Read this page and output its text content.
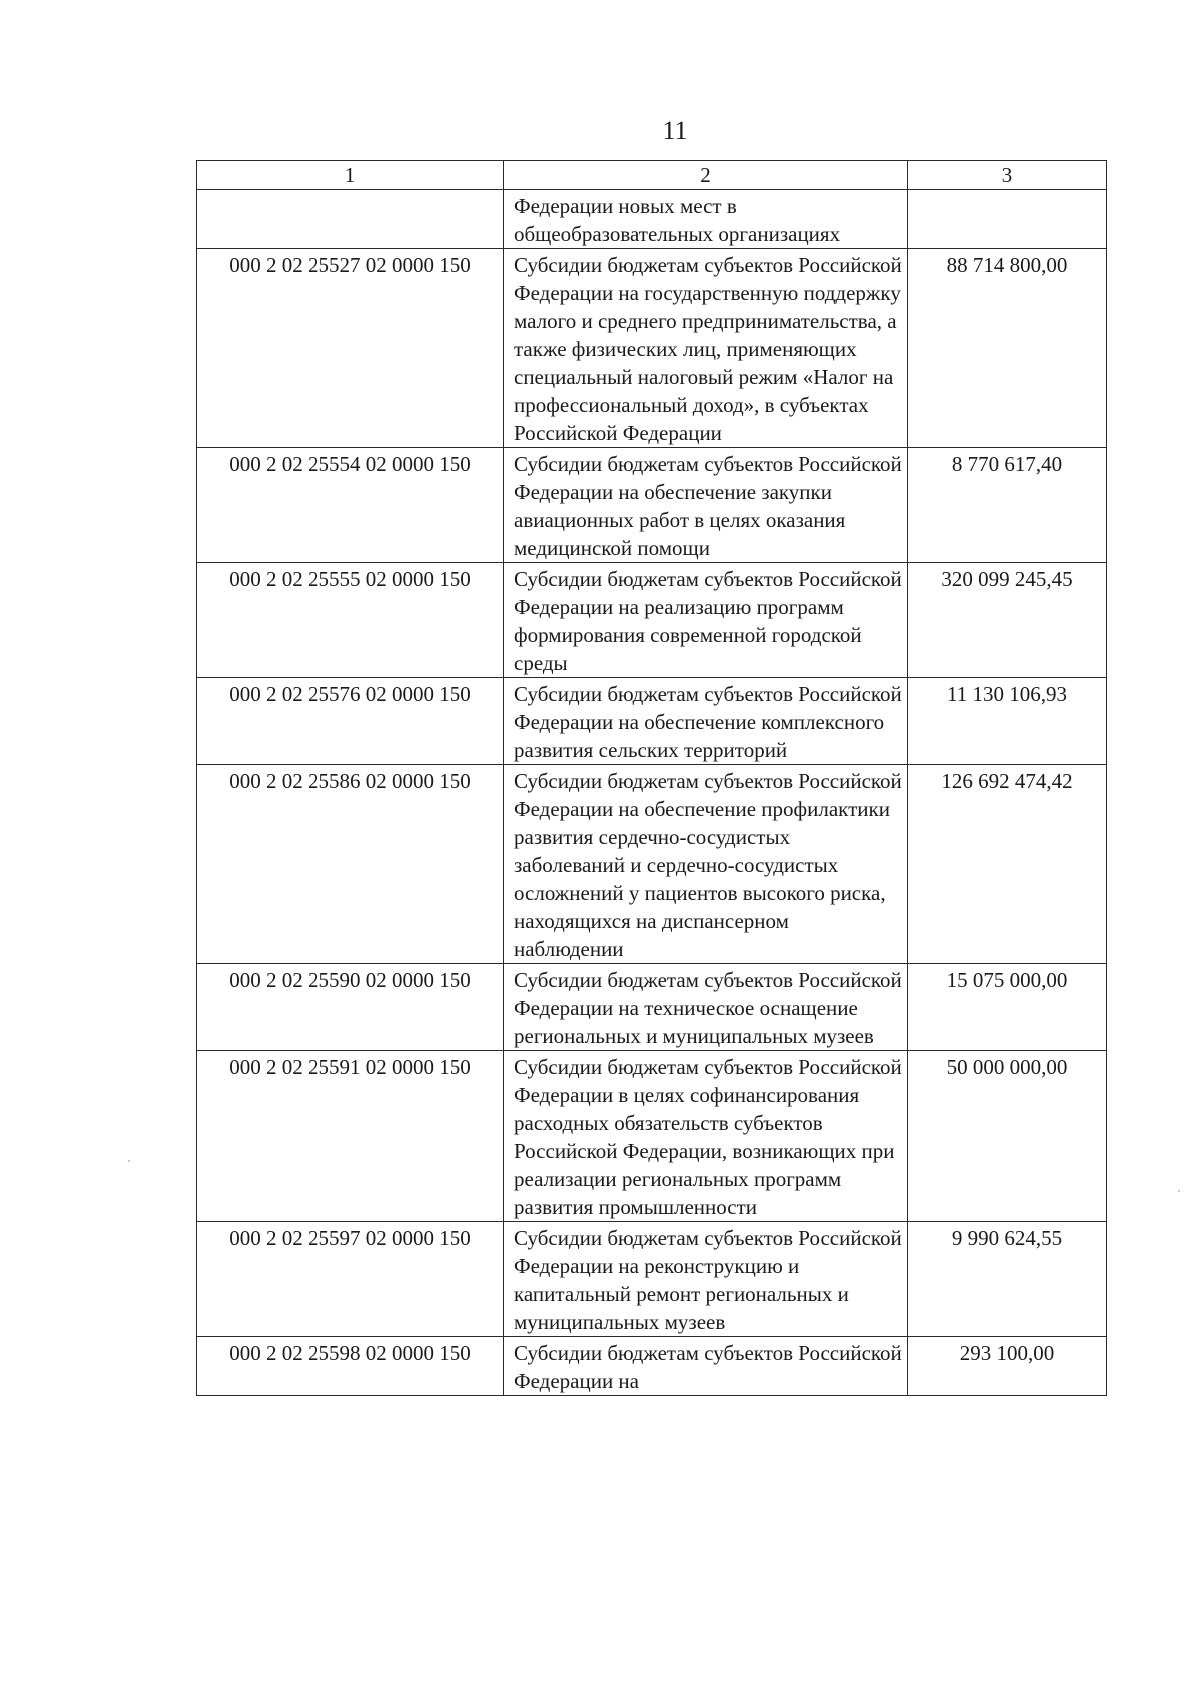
11
1	2	3
	Федерации новых мест в общеобразовательных организациях	
000 2 02 25527 02 0000 150	Субсидии бюджетам субъектов Российской Федерации на государственную поддержку малого и среднего предпринимательства, а также физических лиц, применяющих специальный налоговый режим «Налог на профессиональный доход», в субъектах Российской Федерации	88 714 800,00
000 2 02 25554 02 0000 150	Субсидии бюджетам субъектов Российской Федерации на обеспечение закупки авиационных работ в целях оказания медицинской помощи	8 770 617,40
000 2 02 25555 02 0000 150	Субсидии бюджетам субъектов Российской Федерации на реализацию программ формирования современной городской среды	320 099 245,45
000 2 02 25576 02 0000 150	Субсидии бюджетам субъектов Российской Федерации на обеспечение комплексного развития сельских территорий	11 130 106,93
000 2 02 25586 02 0000 150	Субсидии бюджетам субъектов Российской Федерации на обеспечение профилактики развития сердечно-сосудистых заболеваний и сердечно-сосудистых осложнений у пациентов высокого риска, находящихся на диспансерном наблюдении	126 692 474,42
000 2 02 25590 02 0000 150	Субсидии бюджетам субъектов Российской Федерации на техническое оснащение региональных и муниципальных музеев	15 075 000,00
000 2 02 25591 02 0000 150	Субсидии бюджетам субъектов Российской Федерации в целях софинансирования расходных обязательств субъектов Российской Федерации, возникающих при реализации региональных программ развития промышленности	50 000 000,00
000 2 02 25597 02 0000 150	Субсидии бюджетам субъектов Российской Федерации на реконструкцию и капитальный ремонт региональных и муниципальных музеев	9 990 624,55
000 2 02 25598 02 0000 150	Субсидии бюджетам субъектов Российской Федерации на	293 100,00
